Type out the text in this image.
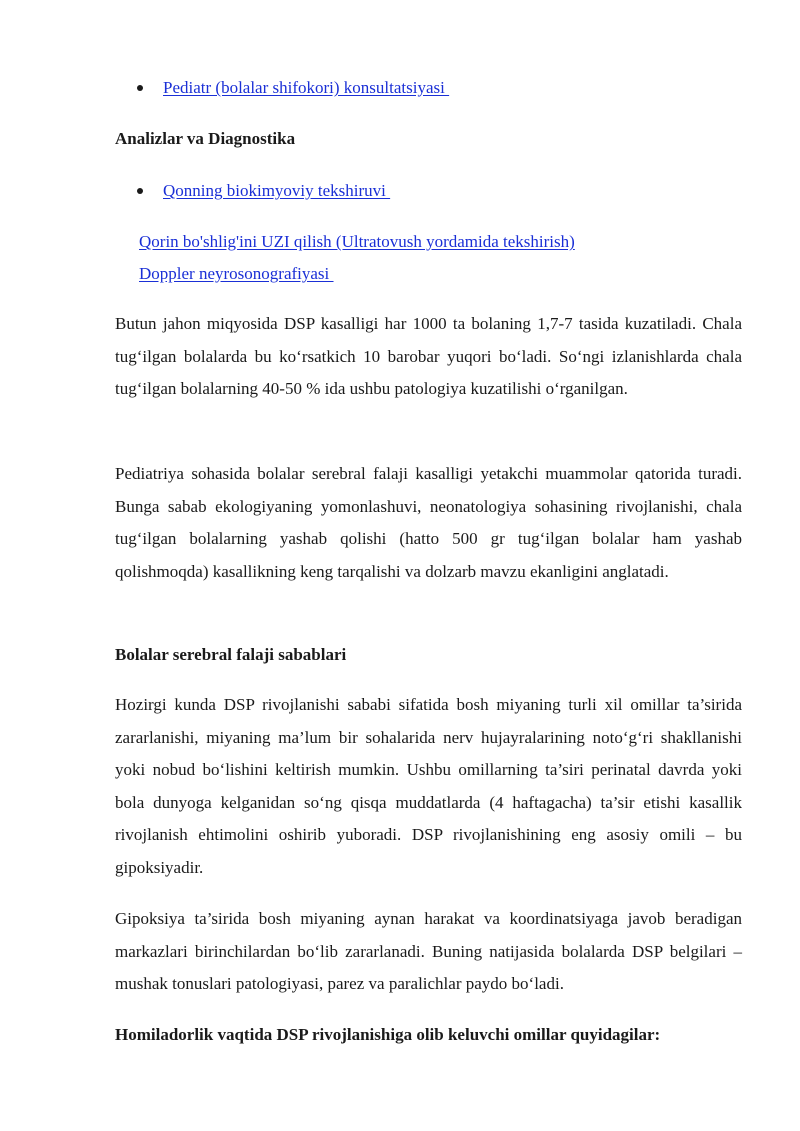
Pediatr (bolalar shifokori) konsultatsiyasi
Analizlar va Diagnostika
Qonning biokimyoviy tekshiruvi
Qorin bo'shlig'ini UZI qilish (Ultratovush yordamida tekshirish)
Doppler neyrosonografiyasi

Butun jahon miqyosida DSP kasalligi har 1000 ta bolaning 1,7-7 tasida kuzatiladi. Chala tug‘ilgan bolalarda bu ko‘rsatkich 10 barobar yuqori bo‘ladi. So‘ngi izlanishlarda chala tug‘ilgan bolalarning 40-50 % ida ushbu patologiya kuzatilishi o‘rganilgan.

Pediatriya sohasida bolalar serebral falaji kasalligi yetakchi muammolar qatorida turadi. Bunga sabab ekologiyaning yomonlashuvi, neonatologiya sohasining rivojlanishi, chala tug‘ilgan bolalarning yashab qolishi (hatto 500 gr tug‘ilgan bolalar ham yashab qolishmoqda) kasallikning keng tarqalishi va dolzarb mavzu ekanligini anglatadi.

Bolalar serebral falaji sabablari

Hozirgi kunda DSP rivojlanishi sababi sifatida bosh miyaning turli xil omillar ta’sirida zararlanishi, miyaning ma’lum bir sohalarida nerv hujayralarining noto‘g‘ri shakllanishi yoki nobud bo‘lishini keltirish mumkin. Ushbu omillarning ta’siri perinatal davrda yoki bola dunyoga kelganidan so‘ng qisqa muddatlarda (4 haftagacha) ta’sir etishi kasallik rivojlanish ehtimolini oshirib yuboradi. DSP rivojlanishining eng asosiy omili – bu gipoksiyadir.

Gipoksiya ta’sirida bosh miyaning aynan harakat va koordinatsiyaga javob beradigan markazlari birinchilardan bo‘lib zararlanadi. Buning natijasida bolalarda DSP belgilari – mushak tonuslari patologiyasi, parez va paralichlar paydo bo‘ladi.

Homiladorlik vaqtida DSP rivojlanishiga olib keluvchi omillar quyidagilar:
